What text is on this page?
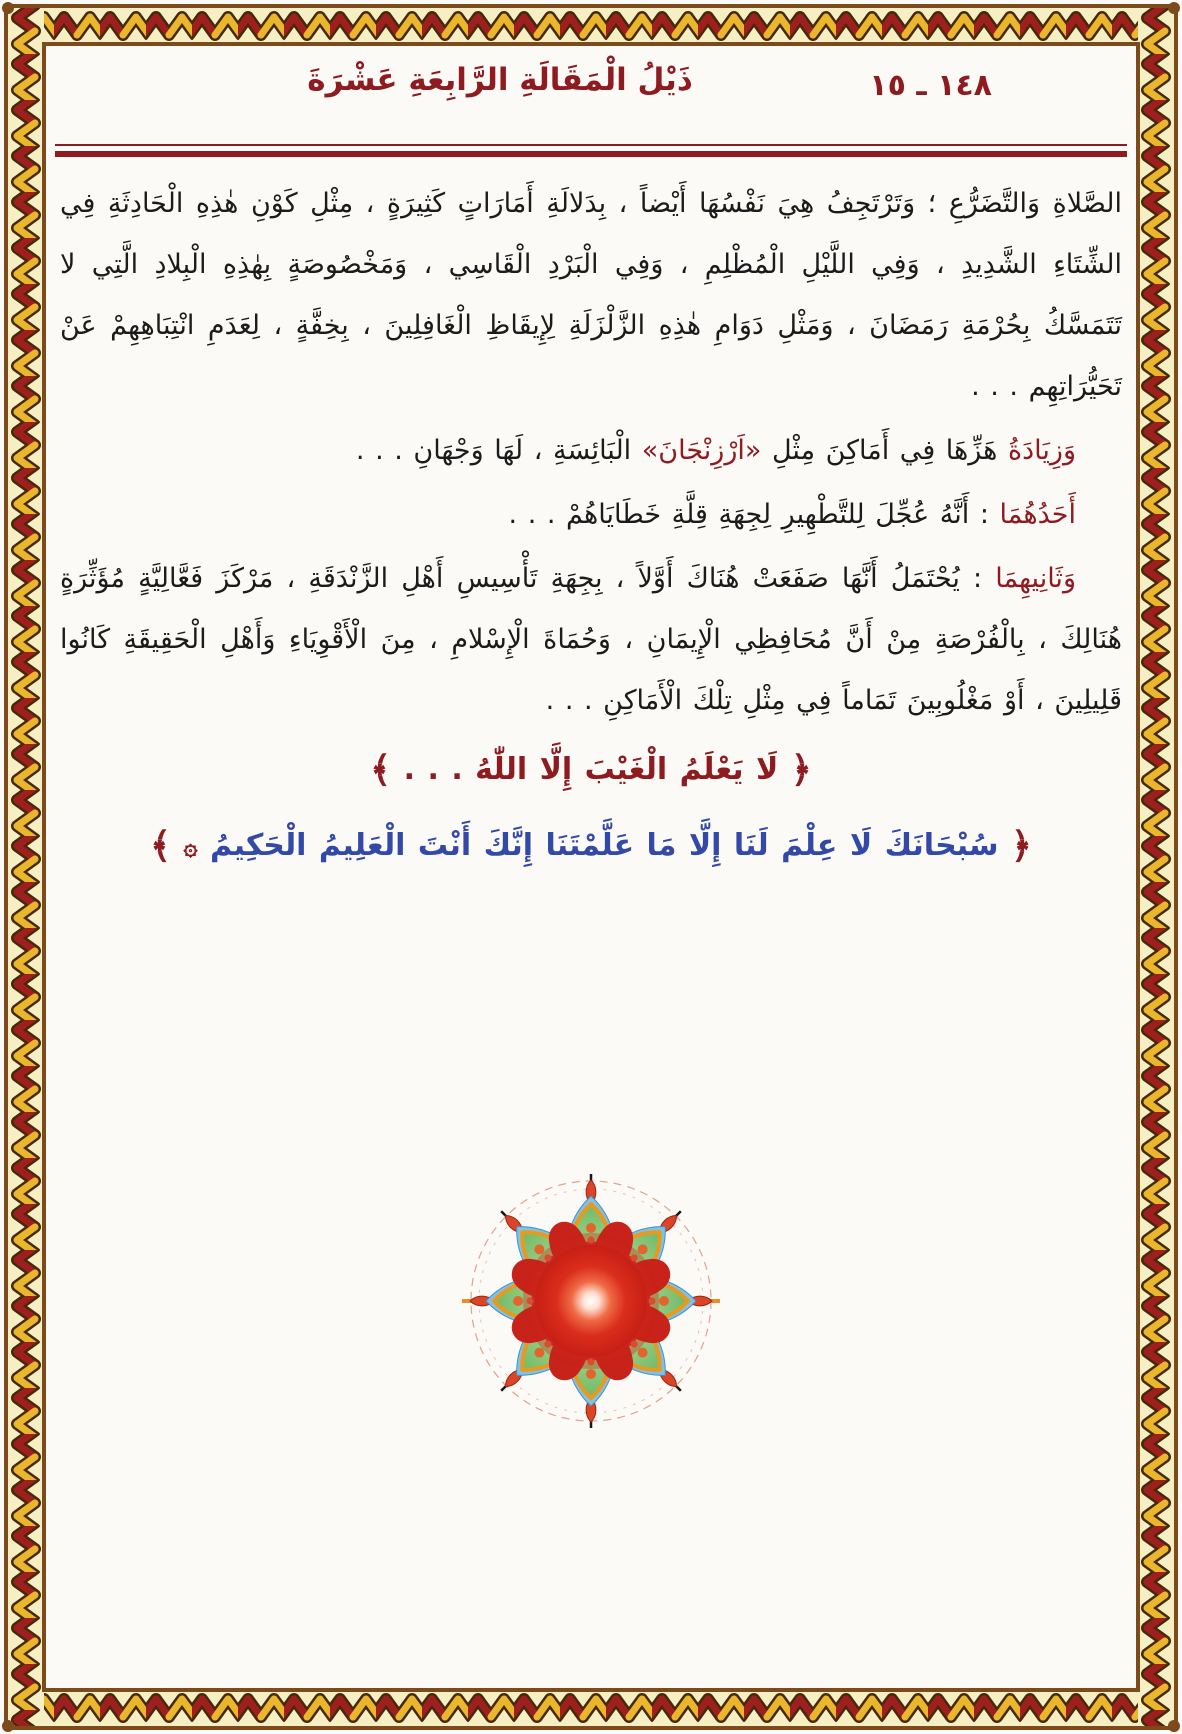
١٤٨ ـ ١٥
ذَيْلُ الْمَقَالَةِ الرَّابِعَةِ عَشْرَةَ

الصَّلاةِ وَالتَّضَرُّعِ ؛ وَتَرْتَجِفُ هِيَ نَفْسُهَا أَيْضاً ، بِدَلالَةِ أَمَارَاتٍ كَثِيرَةٍ ، مِثْلِ كَوْنِ هٰذِهِ الْحَادِثَةِ فِي الشِّتَاءِ الشَّدِيدِ ، وَفِي اللَّيْلِ الْمُظْلِمِ ، وَفِي الْبَرْدِ الْقَاسِي ، وَمَخْصُوصَةٍ بِهٰذِهِ الْبِلادِ الَّتِي لا تَتَمَسَّكُ بِحُرْمَةِ رَمَضَانَ ، وَمَثْلِ دَوَامِ هٰذِهِ الزَّلْزَلَةِ لِإِيقَاظِ الْغَافِلِينَ ، بِخِفَّةٍ ، لِعَدَمِ انْتِبَاهِهِمْ عَنْ تَحَيُّرَاتِهِم . . .

وَزِيَادَةُ هَزِّهَا فِي أَمَاكِنَ مِثْلِ «اَرْزِنْجَانَ» الْبَائِسَةِ ، لَهَا وَجْهَانِ . . .

أَحَدُهُمَا : أَنَّهُ عُجِّلَ لِلتَّطْهِيرِ لِجِهَةِ قِلَّةِ خَطَايَاهُمْ . . .

وَثَانِيهِمَا : يُحْتَمَلُ أَنَّهَا صَفَعَتْ هُنَاكَ أَوَّلاً ، بِجِهَةِ تَأْسِيسِ أَهْلِ الزَّنْدَقَةِ ، مَرْكَزَ فَعَّالِيَّةٍ مُؤَثِّرَةٍ هُنَالِكَ ، بِالْفُرْصَةِ مِنْ أَنَّ مُحَافِظِي الْإِيمَانِ ، وَحُمَاةَ الْإِسْلامِ ، مِنَ الْأَقْوِيَاءِ وَأَهْلِ الْحَقِيقَةِ كَانُوا قَلِيلِينَ ، أَوْ مَغْلُوبِينَ تَمَاماً فِي مِثْلِ تِلْكَ الْأَمَاكِنِ . . .

﴿ لَا يَعْلَمُ الْغَيْبَ إِلَّا اللّٰهُ . . . ﴾

﴿ سُبْحَانَكَ لَا عِلْمَ لَنَا إِلَّا مَا عَلَّمْتَنَا إِنَّكَ أَنْتَ الْعَلِيمُ الْحَكِيمُ ۞ ﴾
